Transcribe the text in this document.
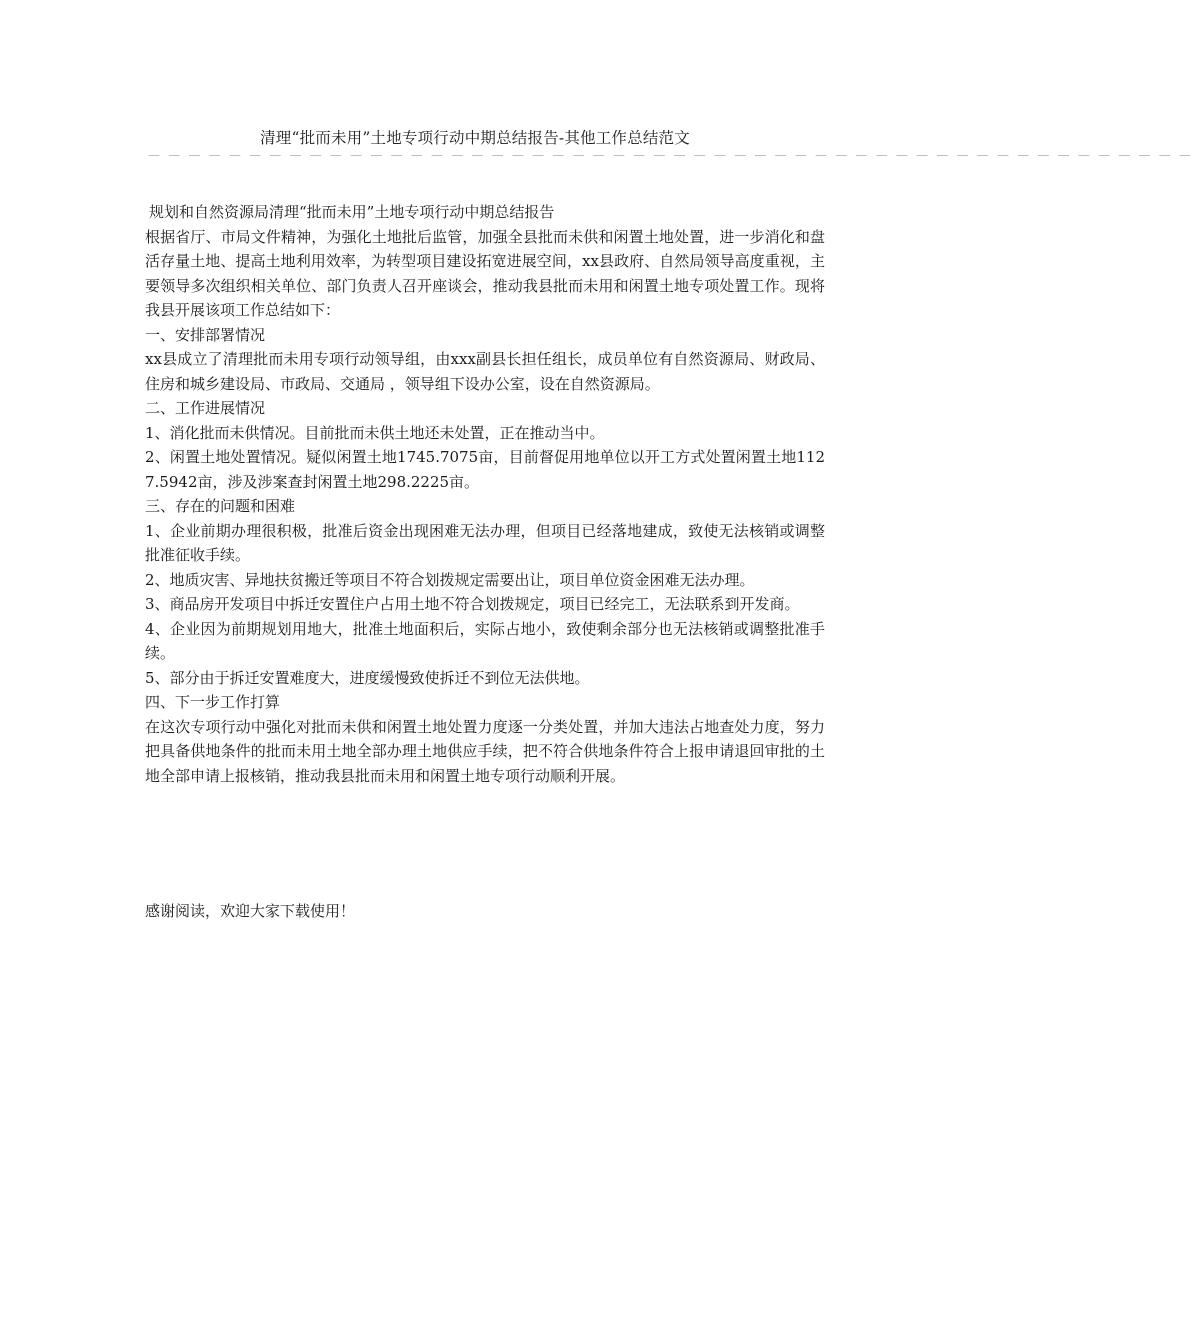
清理“批而未用”土地专项行动中期总结报告-其他工作总结范文
— — — — — — — — — — — — — — — — — — — — — — — — — — — — — — — — — — — — — — — — — — — — — — — — — — — —

规划和自然资源局清理“批而未用”土地专项行动中期总结报告

根据省厅、市局文件精神，为强化土地批后监管，加强全县批而未供和闲置土地处置，进一步消化和盘活存量土地、提高土地利用效率，为转型项目建设拓宽进展空间，xx县政府、自然局领导高度重视，主要领导多次组织相关单位、部门负责人召开座谈会，推动我县批而未用和闲置土地专项处置工作。现将我县开展该项工作总结如下：

一、安排部署情况

xx县成立了清理批而未用专项行动领导组，由xxx副县长担任组长，成员单位有自然资源局、财政局、住房和城乡建设局、市政局、交通局 ，领导组下设办公室，设在自然资源局。

二、工作进展情况

1、消化批而未供情况。目前批而未供土地还未处置，正在推动当中。

2、闲置土地处置情况。疑似闲置土地1745.7075亩，目前督促用地单位以开工方式处置闲置土地1127.5942亩，涉及涉案查封闲置土地298.2225亩。

三、存在的问题和困难

1、企业前期办理很积极，批准后资金出现困难无法办理，但项目已经落地建成，致使无法核销或调整批准征收手续。

2、地质灾害、异地扶贫搬迁等项目不符合划拨规定需要出让，项目单位资金困难无法办理。

3、商品房开发项目中拆迁安置住户占用土地不符合划拨规定，项目已经完工，无法联系到开发商。

4、企业因为前期规划用地大，批准土地面积后，实际占地小，致使剩余部分也无法核销或调整批准手续。

5、部分由于拆迁安置难度大，进度缓慢致使拆迁不到位无法供地。

四、下一步工作打算

在这次专项行动中强化对批而未供和闲置土地处置力度逐一分类处置，并加大违法占地查处力度，努力把具备供地条件的批而未用土地全部办理土地供应手续，把不符合供地条件符合上报申请退回审批的土地全部申请上报核销，推动我县批而未用和闲置土地专项行动顺利开展。

感谢阅读，欢迎大家下载使用！
